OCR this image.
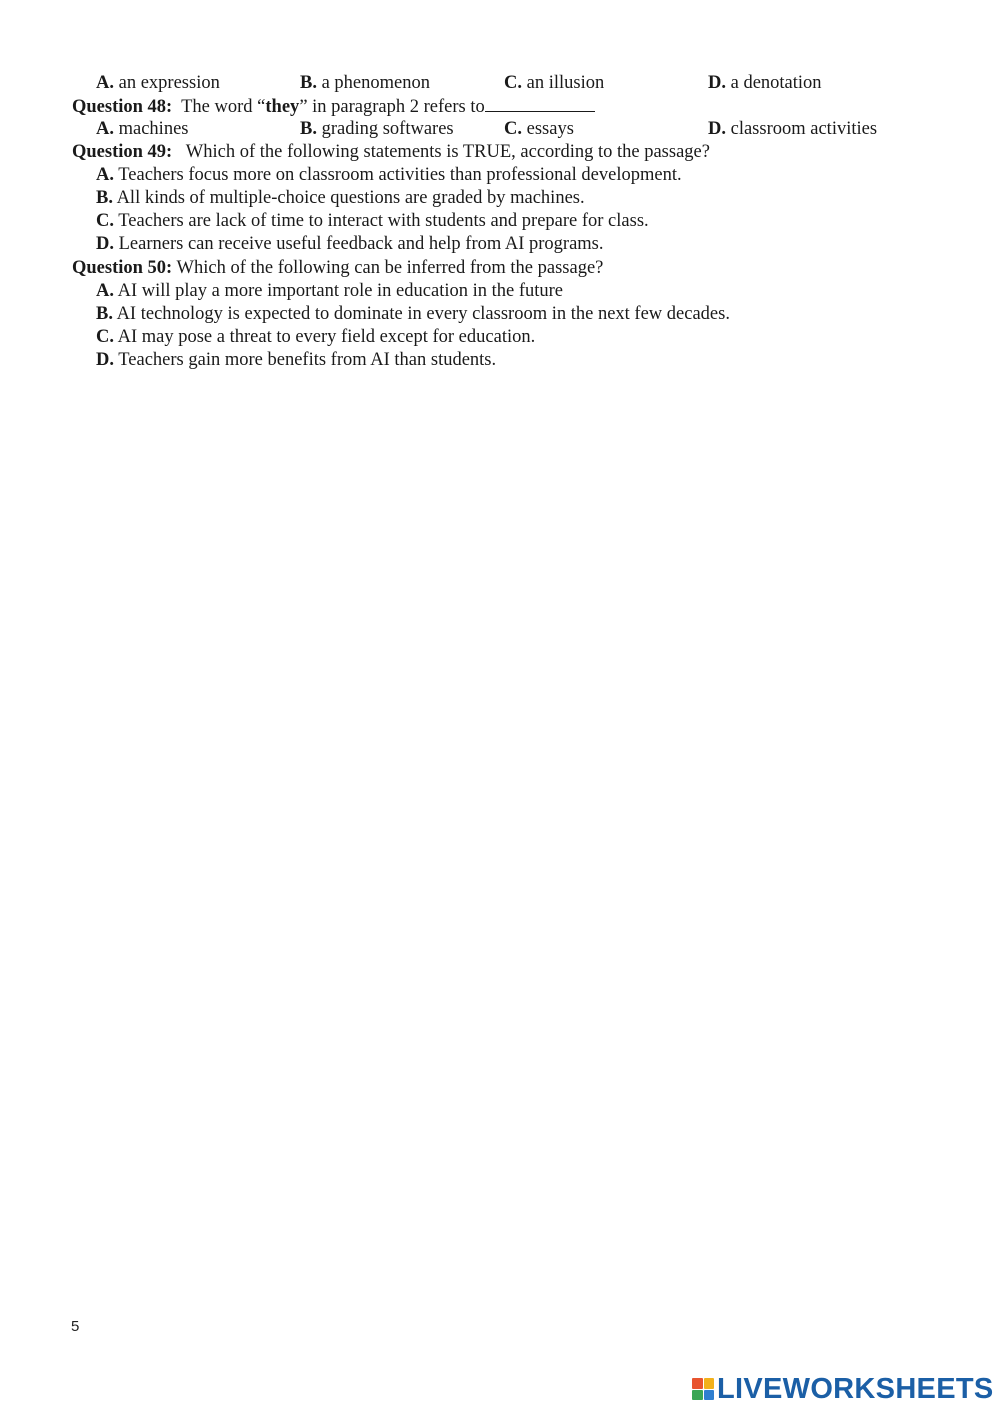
A. an expression	B. a phenomenon	C. an illusion	D. a denotation
Question 48:  The word “they” in paragraph 2 refers to
A. machines	B. grading softwares	C. essays	D. classroom activities
Question 49:   Which of the following statements is TRUE, according to the passage?
A. Teachers focus more on classroom activities than professional development.
B. All kinds of multiple-choice questions are graded by machines.
C. Teachers are lack of time to interact with students and prepare for class.
D. Learners can receive useful feedback and help from AI programs.
Question 50: Which of the following can be inferred from the passage?
A. AI will play a more important role in education in the future
B. AI technology is expected to dominate in every classroom in the next few decades.
C. AI may pose a threat to every field except for education.
D. Teachers gain more benefits from AI than students.
5
LIVEWORKSHEETS
